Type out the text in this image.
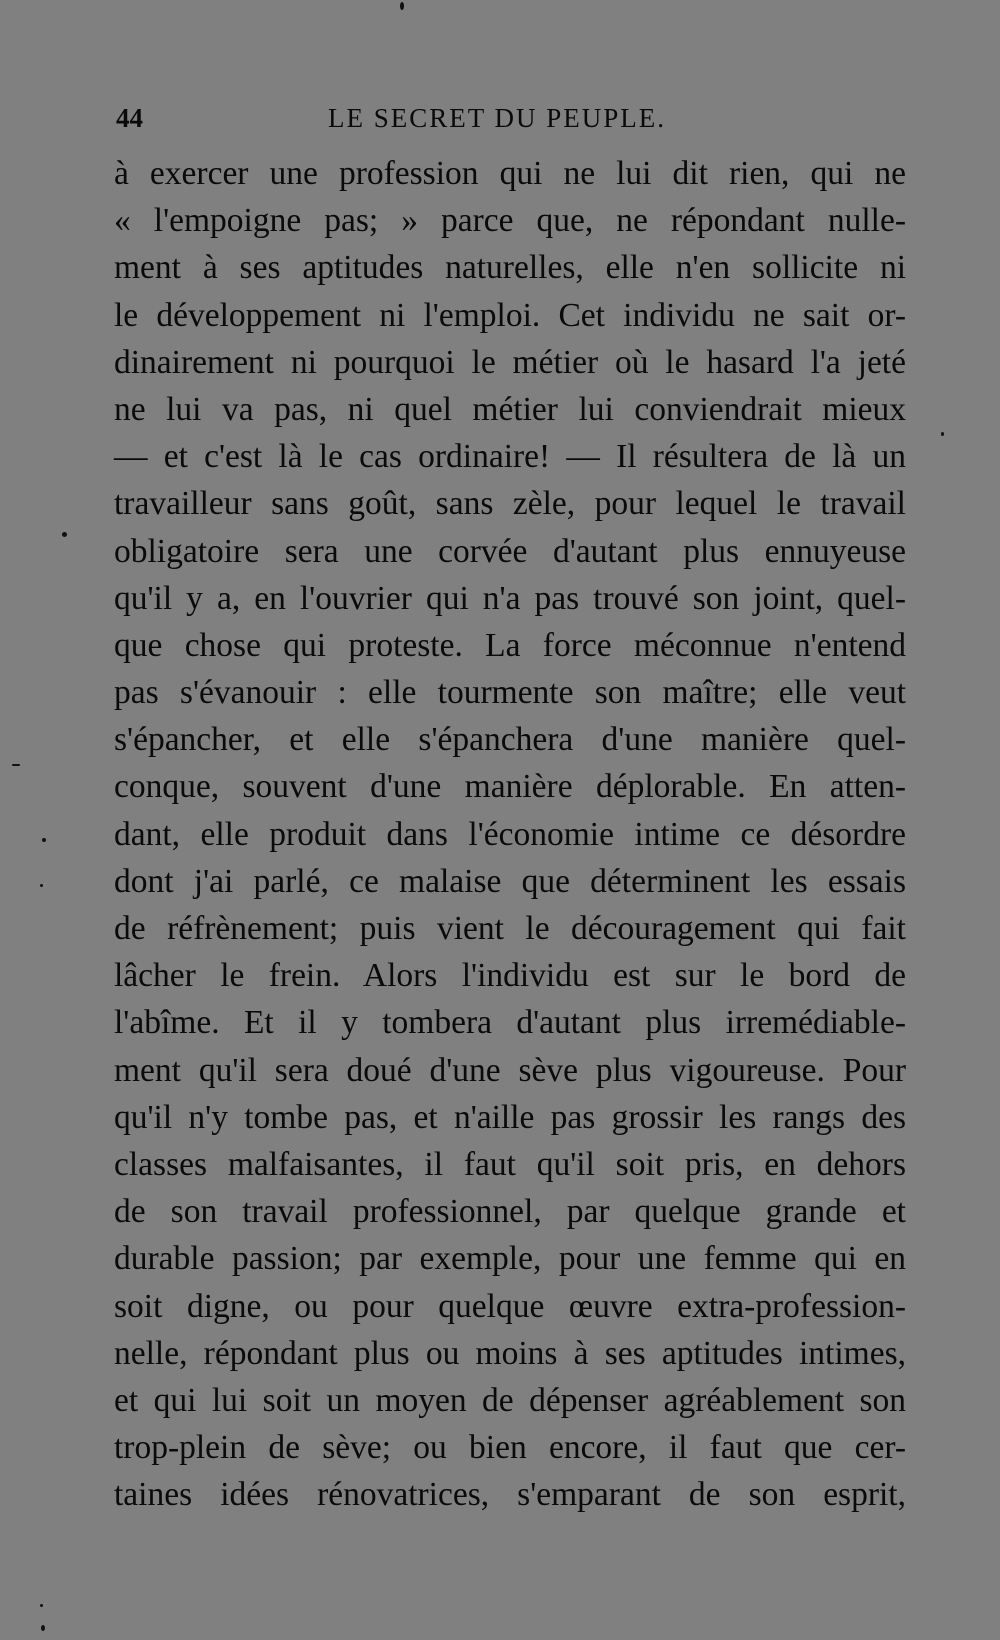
44	LE SECRET DU PEUPLE.
à exercer une profession qui ne lui dit rien, qui ne
« l'empoigne pas; » parce que, ne répondant nulle-
ment à ses aptitudes naturelles, elle n'en sollicite ni
le développement ni l'emploi. Cet individu ne sait or-
dinairement ni pourquoi le métier où le hasard l'a jeté
ne lui va pas, ni quel métier lui conviendrait mieux
— et c'est là le cas ordinaire! — Il résultera de là un
travailleur sans goût, sans zèle, pour lequel le travail
obligatoire sera une corvée d'autant plus ennuyeuse
qu'il y a, en l'ouvrier qui n'a pas trouvé son joint, quel-
que chose qui proteste. La force méconnue n'entend
pas s'évanouir : elle tourmente son maître; elle veut
s'épancher, et elle s'épanchera d'une manière quel-
conque, souvent d'une manière déplorable. En atten-
dant, elle produit dans l'économie intime ce désordre
dont j'ai parlé, ce malaise que déterminent les essais
de réfrènement; puis vient le découragement qui fait
lâcher le frein. Alors l'individu est sur le bord de
l'abîme. Et il y tombera d'autant plus irremédiable-
ment qu'il sera doué d'une sève plus vigoureuse. Pour
qu'il n'y tombe pas, et n'aille pas grossir les rangs des
classes malfaisantes, il faut qu'il soit pris, en dehors
de son travail professionnel, par quelque grande et
durable passion; par exemple, pour une femme qui en
soit digne, ou pour quelque œuvre extra-profession-
nelle, répondant plus ou moins à ses aptitudes intimes,
et qui lui soit un moyen de dépenser agréablement son
trop-plein de sève; ou bien encore, il faut que cer-
taines idées rénovatrices, s'emparant de son esprit,
